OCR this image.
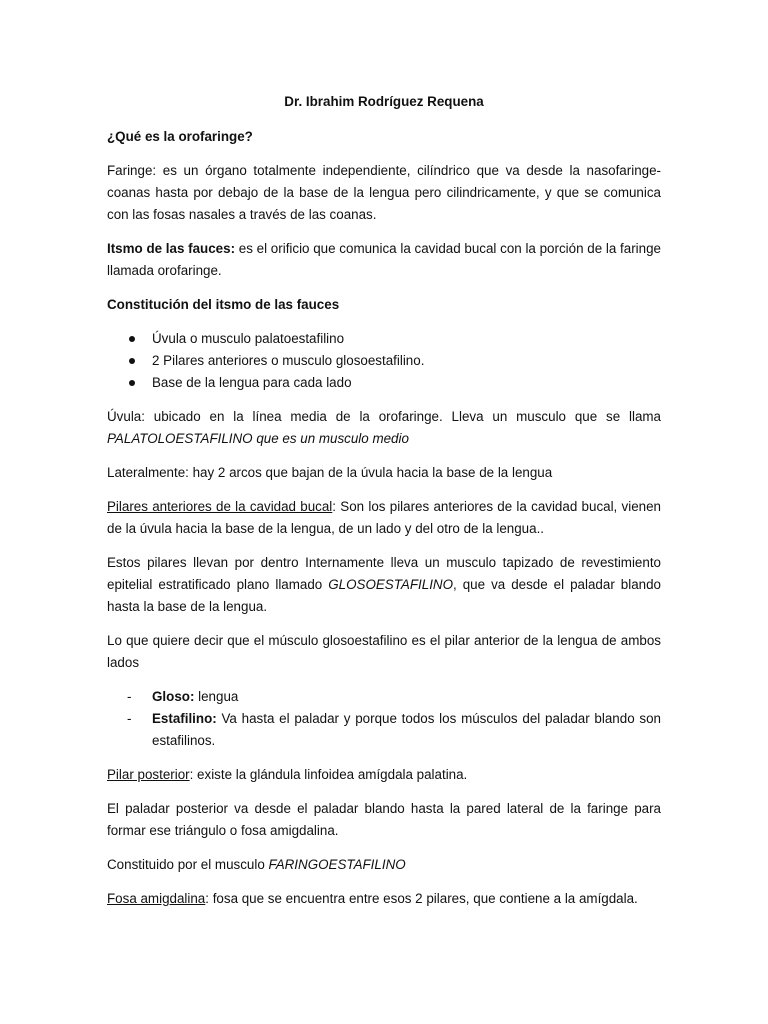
Dr. Ibrahim Rodríguez Requena

¿Qué es la orofaringe?

Faringe: es un órgano totalmente independiente, cilíndrico que va desde la nasofaringe-coanas hasta por debajo de la base de la lengua pero cilindricamente, y que se comunica con las fosas nasales a través de las coanas.

Itsmo de las fauces: es el orificio que comunica la cavidad bucal con la porción de la faringe llamada orofaringe.

Constitución del itsmo de las fauces

Úvula o musculo palatoestafilino
2 Pilares anteriores o musculo glosoestafilino.
Base de la lengua para cada lado

Úvula: ubicado en la línea media de la orofaringe. Lleva un musculo que se llama PALATOLOESTAFILINO que es un musculo medio

Lateralmente: hay 2 arcos que bajan de la úvula hacia la base de la lengua

Pilares anteriores de la cavidad bucal: Son los pilares anteriores de la cavidad bucal, vienen de la úvula hacia la base de la lengua, de un lado y del otro de la lengua..

Estos pilares llevan por dentro Internamente lleva un musculo tapizado de revestimiento epitelial estratificado plano llamado GLOSOESTAFILINO, que va desde el paladar blando hasta la base de la lengua.

Lo que quiere decir que el músculo glosoestafilino es el pilar anterior de la lengua de ambos lados

- Gloso: lengua
- Estafilino: Va hasta el paladar y porque todos los músculos del paladar blando son estafilinos.

Pilar posterior: existe la glándula linfoidea amígdala palatina.

El paladar posterior va desde el paladar blando hasta la pared lateral de la faringe para formar ese triángulo o fosa amigdalina.

Constituido por el musculo FARINGOESTAFILINO

Fosa amigdalina: fosa que se encuentra entre esos 2 pilares, que contiene a la amígdala.
